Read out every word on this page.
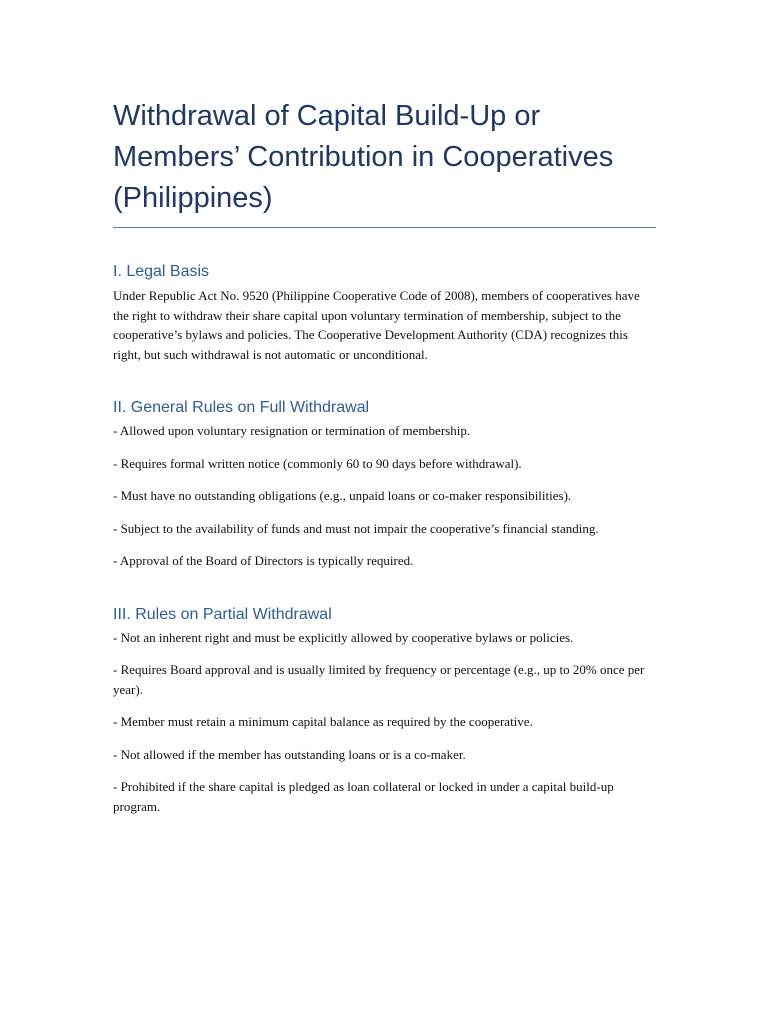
Withdrawal of Capital Build-Up or Members’ Contribution in Cooperatives (Philippines)
I. Legal Basis

Under Republic Act No. 9520 (Philippine Cooperative Code of 2008), members of cooperatives have the right to withdraw their share capital upon voluntary termination of membership, subject to the cooperative’s bylaws and policies. The Cooperative Development Authority (CDA) recognizes this right, but such withdrawal is not automatic or unconditional.

II. General Rules on Full Withdrawal

- Allowed upon voluntary resignation or termination of membership.

- Requires formal written notice (commonly 60 to 90 days before withdrawal).

- Must have no outstanding obligations (e.g., unpaid loans or co-maker responsibilities).

- Subject to the availability of funds and must not impair the cooperative’s financial standing.

- Approval of the Board of Directors is typically required.

III. Rules on Partial Withdrawal

- Not an inherent right and must be explicitly allowed by cooperative bylaws or policies.

- Requires Board approval and is usually limited by frequency or percentage (e.g., up to 20% once per year).

- Member must retain a minimum capital balance as required by the cooperative.

- Not allowed if the member has outstanding loans or is a co-maker.

- Prohibited if the share capital is pledged as loan collateral or locked in under a capital build-up program.
